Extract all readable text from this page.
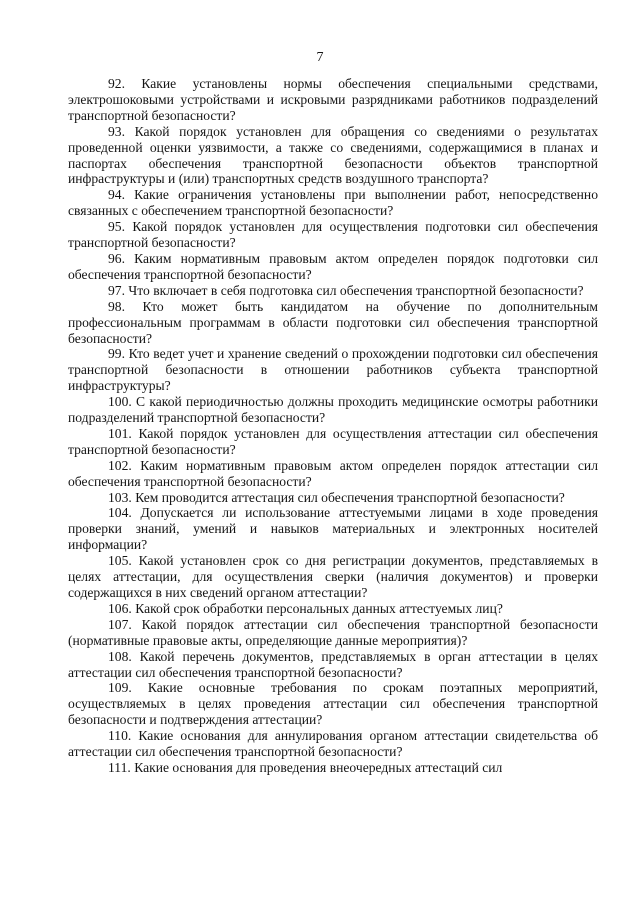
7

92. Какие установлены нормы обеспечения специальными средствами, электрошоковыми устройствами и искровыми разрядниками работников подразделений транспортной безопасности?

93. Какой порядок установлен для обращения со сведениями о результатах проведенной оценки уязвимости, а также со сведениями, содержащимися в планах и паспортах обеспечения транспортной безопасности объектов транспортной инфраструктуры и (или) транспортных средств воздушного транспорта?

94. Какие ограничения установлены при выполнении работ, непосредственно связанных с обеспечением транспортной безопасности?

95. Какой порядок установлен для осуществления подготовки сил обеспечения транспортной безопасности?

96. Каким нормативным правовым актом определен порядок подготовки сил обеспечения транспортной безопасности?

97. Что включает в себя подготовка сил обеспечения транспортной безопасности?

98. Кто может быть кандидатом на обучение по дополнительным профессиональным программам в области подготовки сил обеспечения транспортной безопасности?

99. Кто ведет учет и хранение сведений о прохождении подготовки сил обеспечения транспортной безопасности в отношении работников субъекта транспортной инфраструктуры?

100. С какой периодичностью должны проходить медицинские осмотры работники подразделений транспортной безопасности?

101. Какой порядок установлен для осуществления аттестации сил обеспечения транспортной безопасности?

102. Каким нормативным правовым актом определен порядок аттестации сил обеспечения транспортной безопасности?

103. Кем проводится аттестация сил обеспечения транспортной безопасности?

104. Допускается ли использование аттестуемыми лицами в ходе проведения проверки знаний, умений и навыков материальных и электронных носителей информации?

105. Какой установлен срок со дня регистрации документов, представляемых в целях аттестации, для осуществления сверки (наличия документов) и проверки содержащихся в них сведений органом аттестации?

106. Какой срок обработки персональных данных аттестуемых лиц?

107. Какой порядок аттестации сил обеспечения транспортной безопасности (нормативные правовые акты, определяющие данные мероприятия)?

108. Какой перечень документов, представляемых в орган аттестации в целях аттестации сил обеспечения транспортной безопасности?

109. Какие основные требования по срокам поэтапных мероприятий, осуществляемых в целях проведения аттестации сил обеспечения транспортной безопасности и подтверждения аттестации?

110. Какие основания для аннулирования органом аттестации свидетельства об аттестации сил обеспечения транспортной безопасности?

111. Какие основания для проведения внеочередных аттестаций сил
